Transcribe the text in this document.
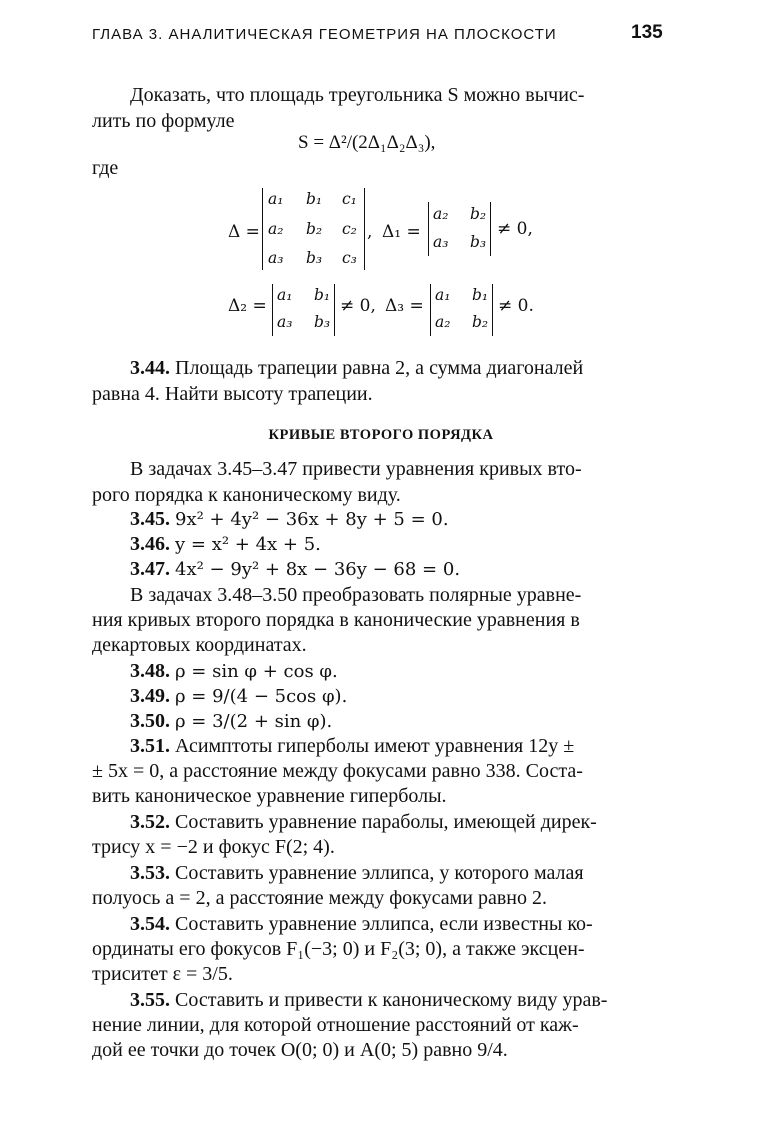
ГЛАВА 3. АНАЛИТИЧЕСКАЯ ГЕОМЕТРИЯ НА ПЛОСКОСТИ	135
Доказать, что площадь треугольника S можно вычис-
лить по формуле
S = Δ²/(2Δ₁Δ₂Δ₃),
где
Δ =
a₁ b₁ c₁
a₂ b₂ c₂
a₃ b₃ c₃
, Δ₁ =
a₂ b₂
a₃ b₃
≠ 0,
Δ₂ =
a₁ b₁
a₃ b₃
≠ 0, Δ₃ =
a₁ b₁
a₂ b₂
≠ 0.
3.44. Площадь трапеции равна 2, а сумма диагоналей
равна 4. Найти высоту трапеции.
КРИВЫЕ ВТОРОГО ПОРЯДКА
В задачах 3.45–3.47 привести уравнения кривых вто-
рого порядка к каноническому виду.
3.45. 9x² + 4y² − 36x + 8y + 5 = 0.
3.46. y = x² + 4x + 5.
3.47. 4x² − 9y² + 8x − 36y − 68 = 0.
В задачах 3.48–3.50 преобразовать полярные уравне-
ния кривых второго порядка в канонические уравнения в
декартовых координатах.
3.48. ρ = sin φ + cos φ.
3.49. ρ = 9/(4 − 5cos φ).
3.50. ρ = 3/(2 + sin φ).
3.51. Асимптоты гиперболы имеют уравнения 12y ±
± 5x = 0, а расстояние между фокусами равно 338. Соста-
вить каноническое уравнение гиперболы.
3.52. Составить уравнение параболы, имеющей дирек-
трису x = −2 и фокус F(2; 4).
3.53. Составить уравнение эллипса, у которого малая
полуось a = 2, а расстояние между фокусами равно 2.
3.54. Составить уравнение эллипса, если известны ко-
ординаты его фокусов F₁(−3; 0) и F₂(3; 0), а также эксцен-
триситет ε = 3/5.
3.55. Составить и привести к каноническому виду урав-
нение линии, для которой отношение расстояний от каж-
дой ее точки до точек O(0; 0) и A(0; 5) равно 9/4.
